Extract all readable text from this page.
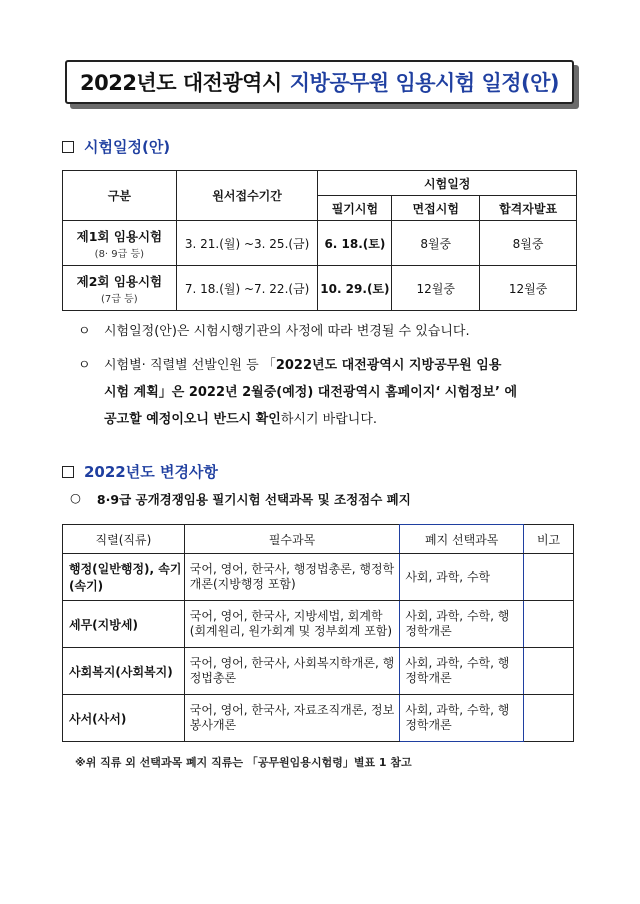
2022년도 대전광역시 지방공무원 임용시험 일정(안)
시험일정(안)
구분	원서접수기간	시험일정		
		필기시험	면접시험	합격자발표

제1회 임용시험
(8· 9급 등)	3. 21.(월) ~3. 25.(금)	6. 18.(토)	8월중	8월중

제2회 임용시험
(7급 등)	7. 18.(월) ~7. 22.(금)	10. 29.(토)	12월중	12월중
ㅇ 시험일정(안)은 시험시행기관의 사정에 따라 변경될 수 있습니다.
ㅇ 시험별· 직렬별 선발인원 등 「2022년도 대전광역시 지방공무원 임용
시험 계획」은 2022년 2월중(예정) 대전광역시 홈페이지‘ 시험정보’ 에
공고할 예정이오니 반드시 확인하시기 바랍니다.
2022년도 변경사항
○ 8·9급 공개경쟁임용 필기시험 선택과목 및 조정점수 폐지
직렬(직류)	필수과목	폐지 선택과목	비고
행정(일반행정), 속기(속기)	국어, 영어, 한국사, 행정법총론, 행정학개론(지방행정 포함)	사회, 과학, 수학	
세무(지방세)	국어, 영어, 한국사, 지방세법, 회계학(회계원리, 원가회계 및 정부회계 포함)	사회, 과학, 수학, 행정학개론	
사회복지(사회복지)	국어, 영어, 한국사, 사회복지학개론, 행정법총론	사회, 과학, 수학, 행정학개론	
사서(사서)	국어, 영어, 한국사, 자료조직개론, 정보봉사개론	사회, 과학, 수학, 행정학개론	
※위 직류 외 선택과목 폐지 직류는 「공무원임용시험령」별표 1 참고
